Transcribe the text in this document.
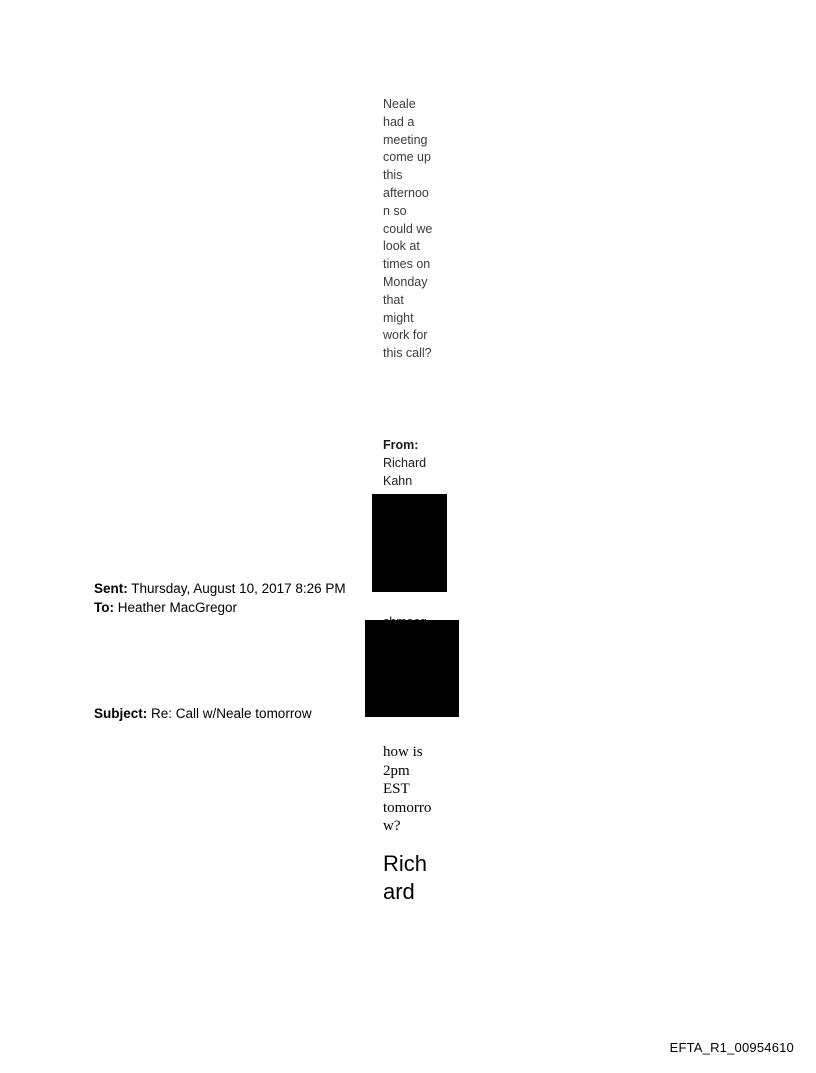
Neale had a meeting come up this afternoon so could we look at times on Monday that might work for this call?

From: Richard Kahn
Sent: Thursday, August 10, 2017 8:26 PM
To: Heather MacGregor
Subject: Re: Call w/Neale tomorrow
how is 2pm EST tomorrow?
Richard
EFTA_R1_00954610
